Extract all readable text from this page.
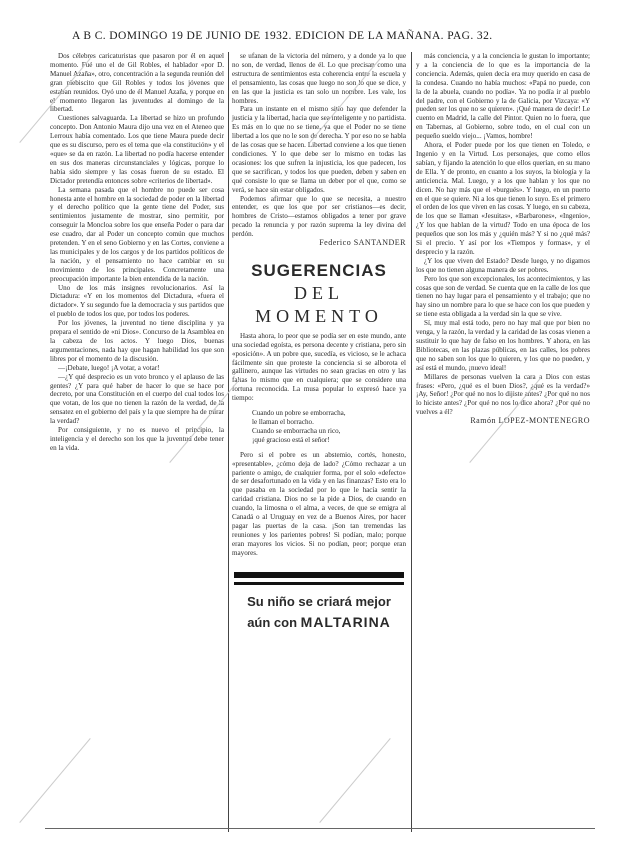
A B C. DOMINGO 19 DE JUNIO DE 1932. EDICION DE LA MAÑANA. PAG. 32.

Dos célebres caricaturistas que pasaron por él en aquel momento. Fué uno el de Gil Robles, el hablador «por D. Manuel Azaña», otro, concentración a la segunda reunión del gran plebiscito que Gil Robles y todos los jóvenes que estaban reunidos. Oyó uno de él Manuel Azaña, y porque en el momento llegaron las juventudes al domingo de la libertad.

Cuestiones salvaguarda. La libertad se hizo un profundo concepto. Don Antonio Maura dijo una vez en el Ateneo que Lerroux había comentado. Los que tiene Maura puede decir que es su discurso, pero es el tema que «la constitución» y el «que» se da en razón. La libertad no podía hacerse entender en sus dos maneras circunstanciales y lógicas, porque lo había sido siempre y las cosas fueron de su estado. El Dictador pretendía entonces sobre «criterios de libertad».

La semana pasada que el hombre no puede ser cosa honesta ante el hombre en la sociedad de poder en la libertad y el derecho político que la gente tiene del Poder, sus sentimientos justamente de mostrar, sino permitir, por conseguir la Moncloa sobre los que enseña Poder o para dar ese cuadro, dar al Poder un concepto común que muchos pretenden. Y en el seno Gobierno y en las Cortes, conviene a las municipales y de los cargos y de los partidos políticos de la nación, y el pensamiento no hace cambiar en su movimiento de los principales. Concretamente una preocupación importante la bien entendida de la nación.

Uno de los más insignes revolucionarios. Así la Dictadura: «Y en los momentos del Dictadura, «fuera el dictador». Y su segundo fue la democracia y sus partidos que el pueblo de todos los que, por todos los poderes.

Por los jóvenes, la juventud no tiene disciplina y ya prepara el sentido de «ni Dios». Concurso de la Asamblea en la cabeza de los actos. Y luego Dios, buenas argumentaciones, nada hay que hagan habilidad los que son libres por el momento de la discusión.

—¡Debate, luego! ¡A votar, a votar!

—¿Y qué desprecio es un voto bronco y el aplauso de las gentes? ¿Y para qué haber de hacer lo que se hace por decreto, por una Constitución en el cuerpo del cual todos los que votan, de los que no tienen la razón de la verdad, de la sensatez en el gobierno del país y la que siempre ha de mirar la verdad?

Por consiguiente, y no es nuevo el principio, la inteligencia y el derecho son los que la juventud debe tener en la vida.

se ufanan de la victoria del número, y a donde va lo que no son, de verdad, llenos de él. Lo que precisan como una estructura de sentimientos esta coherencia entre la escuela y el pensamiento, las cosas que luego no son lo que se dice, y en las que la justicia es tan solo un nombre. Les vale, los hombres.

Para un instante en el mismo sitio hay que defender la justicia y la libertad, hacia que sea inteligente y no partidista. Es más en lo que no se tiene, ya que el Poder no se tiene libertad a los que no le son de derecha. Y por eso no se habla de las cosas que se hacen. Libertad conviene a los que tienen condiciones. Y lo que debe ser lo mismo en todas las ocasiones: los que sufren la injusticia, los que padecen, los que se sacrifican, y todos los que pueden, deben y saben en qué consiste lo que se llama un deber por el que, como se verá, se hace sin estar obligados.

Podemos afirmar que lo que se necesita, a nuestro entender, es que los que por ser cristianos—es decir, hombres de Cristo—estamos obligados a tener por grave pecado la renuncia y por razón suprema la ley divina del perdón.

Federico SANTANDER

SUGERENCIAS
DEL MOMENTO

Hasta ahora, lo peor que se podía ser en este mundo, ante una sociedad egoísta, es persona decente y cristiana, pero sin «posición». A un pobre que, sucedía, es vicioso, se le achaca fácilmente sin que proteste la conciencia si se alborota el gallinero, aunque las virtudes no sean gracias en otro y las faltas lo mismo que en cualquiera; que se considere una fortuna reconocida. La musa popular lo expresó hace ya tiempo:

Cuando un pobre se emborracha,
le llaman el borracho.
Cuando se emborracha un rico,
¡qué gracioso está el señor!

Pero si el pobre es un abstemio, cortés, honesto, «presentable», ¿cómo deja de lado? ¿Cómo rechazar a un pariente o amigo, de cualquier forma, por el solo «defecto» de ser desafortunado en la vida y en las finanzas? Esto era lo que pasaba en la sociedad por lo que le hacía sentir la caridad cristiana. Dios no se la pide a Dios, de cuando en cuando, la limosna o el alma, a veces, de que se emigra al Canadá o al Uruguay en vez de a Buenos Aires, por hacer pagar las puertas de la casa. ¡Son tan tremendas las reuniones y los parientes pobres! Si podían, malo; porque eran mayores los vicios. Si no podían, peor; porque eran mayores.

Su niño se criará mejor
aún con MALTARINA

más conciencia, y a la conciencia le gustan lo importante; y a la conciencia de lo que es la importancia de la conciencia. Además, quien decía era muy querido en casa de la condesa. Cuando no había muchos: «Papá no puede, con la de la abuela, cuando no podía». Ya no podía ir al pueblo del padre, con el Gobierno y la de Galicia, por Vizcaya: «Y pueden ser los que no se quieren». ¡Qué manera de decir! Le cuento en Madrid, la calle del Pintor. Quien no lo fuera, que en Tabernas, al Gobierno, sobre todo, en el cual con un pequeño sueldo viejo... ¡Vamos, hombre!

Ahora, el Poder puede por los que tienen en Toledo, e Ingenio y en la Virtud. Los personajes, que como ellos sabían, y fijando la atención lo que ellos querían, en su mano de Ella. Y de pronto, en cuanto a los suyos, la biología y la anticiencia. Mal. Luego, y a los que hablan y los que no dicen. No hay más que el «burgués». Y luego, en un puerto en el que se quiere. Ni a los que tienen lo suyo. Es el primero el orden de los que viven en las cosas. Y luego, en su cabeza, de los que se llaman «Jesuitas», «Barbarones», «Ingenio», ¿Y los que hablan de la virtud? Todo en una época de los pequeños que son los más y ¿quién más? Y si no ¿qué más? Si el precio. Y así por los «Tiempos y formas», y el desprecio y la razón.

¿Y los que viven del Estado? Desde luego, y no digamos los que no tienen alguna manera de ser pobres.

Pero los que son excepcionales, los acontecimientos, y las cosas que son de verdad. Se cuenta que en la calle de los que tienen no hay lugar para el pensamiento y el trabajo; que no hay sino un nombre para lo que se hace con los que pueden y se tiene esta obligada a la verdad sin la que se vive.

Sí, muy mal está todo, pero no hay mal que por bien no venga, y la razón, la verdad y la caridad de las cosas vienen a sustituir lo que hay de falso en los hombres. Y ahora, en las Bibliotecas, en las plazas públicas, en las calles, los pobres que no saben son los que lo quieren, y los que no pueden, y así está el mundo, ¡nuevo ideal!

Millares de personas vuelven la cara a Dios con estas frases: «Pero, ¿qué es el buen Dios?, ¿qué es la verdad?» ¡Ay, Señor! ¿Por qué no nos lo dijiste antes? ¿Por qué no nos lo hiciste antes? ¿Por qué no nos lo dice ahora? ¿Por qué no vuelves a él?

Ramón LOPEZ-MONTENEGRO
